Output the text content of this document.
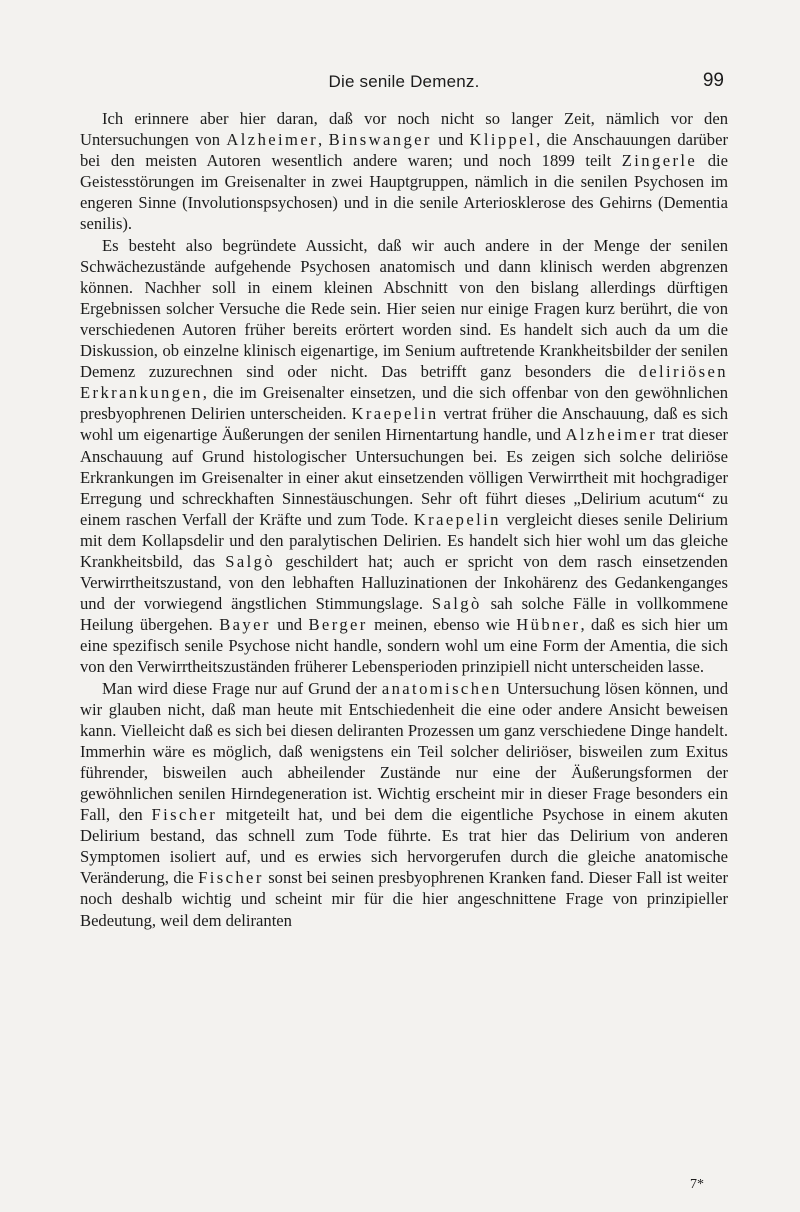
Die senile Demenz.	99

Ich erinnere aber hier daran, daß vor noch nicht so langer Zeit, nämlich vor den Untersuchungen von Alzheimer, Binswanger und Klippel, die Anschauungen darüber bei den meisten Autoren wesentlich andere waren; und noch 1899 teilt Zingerle die Geistesstörungen im Greisenalter in zwei Hauptgruppen, nämlich in die senilen Psychosen im engeren Sinne (Involutionspsychosen) und in die senile Arteriosklerose des Gehirns (Dementia senilis).

Es besteht also begründete Aussicht, daß wir auch andere in der Menge der senilen Schwächezustände aufgehende Psychosen anatomisch und dann klinisch werden abgrenzen können. Nachher soll in einem kleinen Abschnitt von den bislang allerdings dürftigen Ergebnissen solcher Versuche die Rede sein. Hier seien nur einige Fragen kurz berührt, die von verschiedenen Autoren früher bereits erörtert worden sind. Es handelt sich auch da um die Diskussion, ob einzelne klinisch eigenartige, im Senium auftretende Krankheitsbilder der senilen Demenz zuzurechnen sind oder nicht. Das betrifft ganz besonders die deliriösen Erkrankungen, die im Greisenalter einsetzen, und die sich offenbar von den gewöhnlichen presbyophrenen Delirien unterscheiden. Kraepelin vertrat früher die Anschauung, daß es sich wohl um eigenartige Äußerungen der senilen Hirnentartung handle, und Alzheimer trat dieser Anschauung auf Grund histologischer Untersuchungen bei. Es zeigen sich solche deliriöse Erkrankungen im Greisenalter in einer akut einsetzenden völligen Verwirrtheit mit hochgradiger Erregung und schreckhaften Sinnestäuschungen. Sehr oft führt dieses „Delirium acutum“ zu einem raschen Verfall der Kräfte und zum Tode. Kraepelin vergleicht dieses senile Delirium mit dem Kollapsdelir und den paralytischen Delirien. Es handelt sich hier wohl um das gleiche Krankheitsbild, das Salgò geschildert hat; auch er spricht von dem rasch einsetzenden Verwirrtheitszustand, von den lebhaften Halluzinationen der Inkohärenz des Gedankenganges und der vorwiegend ängstlichen Stimmungslage. Salgò sah solche Fälle in vollkommene Heilung übergehen. Bayer und Berger meinen, ebenso wie Hübner, daß es sich hier um eine spezifisch senile Psychose nicht handle, sondern wohl um eine Form der Amentia, die sich von den Verwirrtheitszuständen früherer Lebensperioden prinzipiell nicht unterscheiden lasse.

Man wird diese Frage nur auf Grund der anatomischen Untersuchung lösen können, und wir glauben nicht, daß man heute mit Entschiedenheit die eine oder andere Ansicht beweisen kann. Vielleicht daß es sich bei diesen deliranten Prozessen um ganz verschiedene Dinge handelt. Immerhin wäre es möglich, daß wenigstens ein Teil solcher deliriöser, bisweilen zum Exitus führender, bisweilen auch abheilender Zustände nur eine der Äußerungsformen der gewöhnlichen senilen Hirndegeneration ist. Wichtig erscheint mir in dieser Frage besonders ein Fall, den Fischer mitgeteilt hat, und bei dem die eigentliche Psychose in einem akuten Delirium bestand, das schnell zum Tode führte. Es trat hier das Delirium von anderen Symptomen isoliert auf, und es erwies sich hervorgerufen durch die gleiche anatomische Veränderung, die Fischer sonst bei seinen presbyophrenen Kranken fand. Dieser Fall ist weiter noch deshalb wichtig und scheint mir für die hier angeschnittene Frage von prinzipieller Bedeutung, weil dem deliranten

7*
